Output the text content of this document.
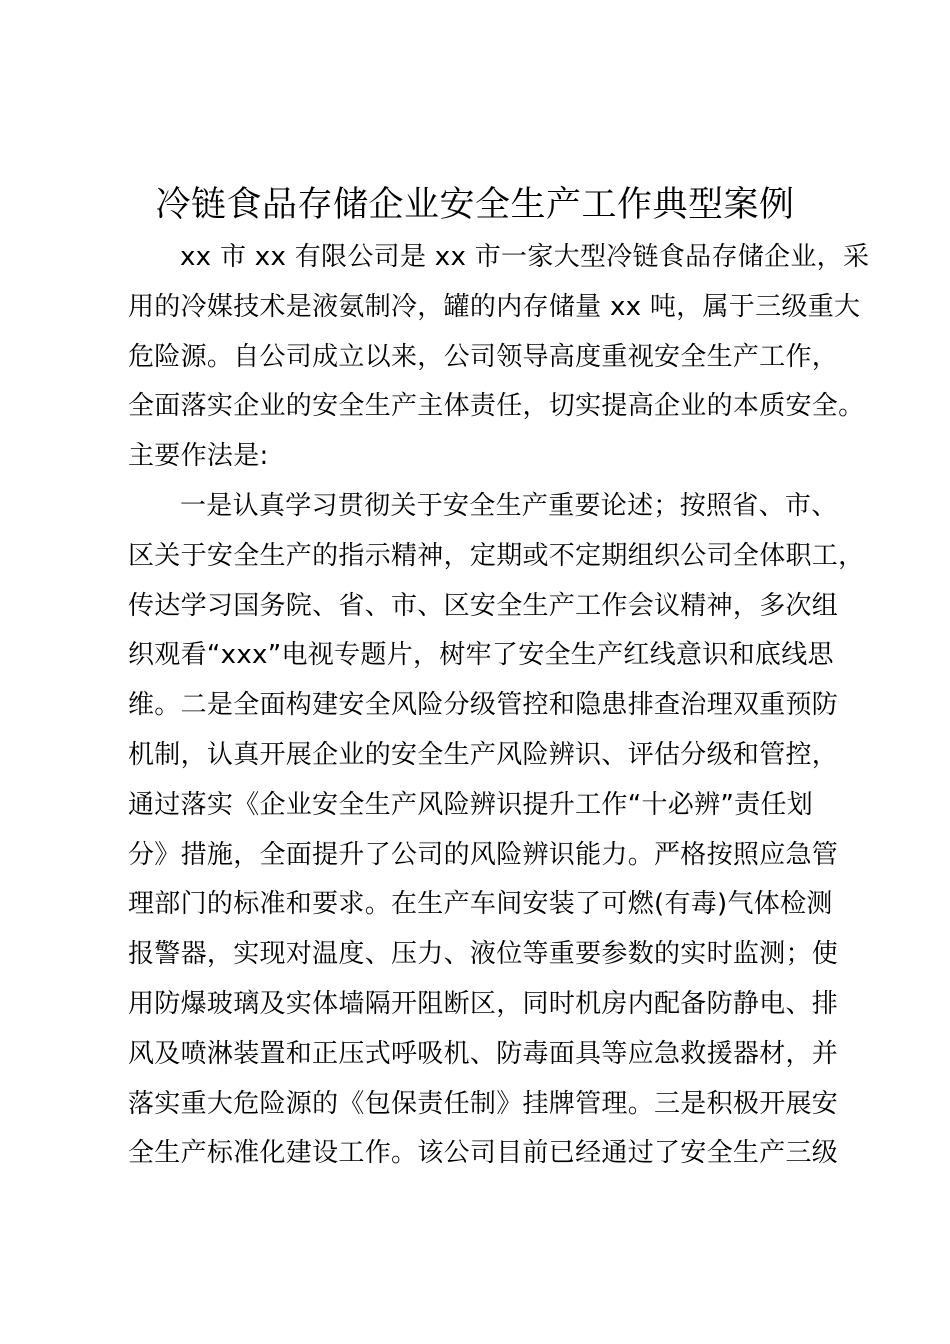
冷链食品存储企业安全生产工作典型案例
xx 市 xx 有限公司是 xx 市一家大型冷链食品存储企业，采
用的冷媒技术是液氨制冷，罐的内存储量 xx 吨，属于三级重大
危险源。自公司成立以来，公司领导高度重视安全生产工作，
全面落实企业的安全生产主体责任，切实提高企业的本质安全。
主要作法是:
一是认真学习贯彻关于安全生产重要论述；按照省、市、
区关于安全生产的指示精神，定期或不定期组织公司全体职工，
传达学习国务院、省、市、区安全生产工作会议精神，多次组
织观看“xxx”电视专题片，树牢了安全生产红线意识和底线思
维。二是全面构建安全风险分级管控和隐患排查治理双重预防
机制，认真开展企业的安全生产风险辨识、评估分级和管控，
通过落实《企业安全生产风险辨识提升工作“十必辨”责任划
分》措施，全面提升了公司的风险辨识能力。严格按照应急管
理部门的标准和要求。在生产车间安装了可燃(有毒)气体检测
报警器，实现对温度、压力、液位等重要参数的实时监测；使
用防爆玻璃及实体墙隔开阻断区，同时机房内配备防静电、排
风及喷淋装置和正压式呼吸机、防毒面具等应急救援器材，并
落实重大危险源的《包保责任制》挂牌管理。三是积极开展安
全生产标准化建设工作。该公司目前已经通过了安全生产三级
